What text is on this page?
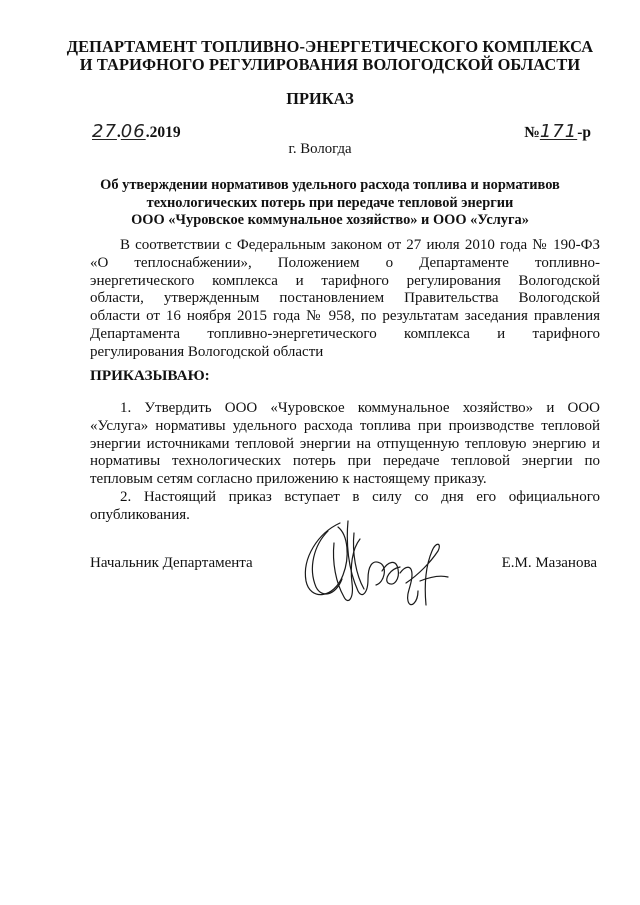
ДЕПАРТАМЕНТ ТОПЛИВНО-ЭНЕРГЕТИЧЕСКОГО КОМПЛЕКСА
И ТАРИФНОГО РЕГУЛИРОВАНИЯ ВОЛОГОДСКОЙ ОБЛАСТИ
ПРИКАЗ
27.06.2019	№171-р
г. Вологда
Об утверждении нормативов удельного расхода топлива и нормативов
технологических потерь при передаче тепловой энергии
ООО «Чуровское коммунальное хозяйство» и ООО «Услуга»
В соответствии с Федеральным законом от 27 июля 2010 года № 190-ФЗ
«О теплоснабжении», Положением о Департаменте топливно-
энергетического комплекса и тарифного регулирования Вологодской
области, утвержденным постановлением Правительства Вологодской
области от 16 ноября 2015 года № 958, по результатам заседания правления
Департамента топливно-энергетического комплекса и тарифного
регулирования Вологодской области
ПРИКАЗЫВАЮ:
1. Утвердить ООО «Чуровское коммунальное хозяйство» и ООО
«Услуга» нормативы удельного расхода топлива при производстве тепловой
энергии источниками тепловой энергии на отпущенную тепловую энергию и
нормативы технологических потерь при передаче тепловой энергии по
тепловым сетям согласно приложению к настоящему приказу.
2. Настоящий приказ вступает в силу со дня его официального
опубликования.
Начальник Департамента	Е.М. Мазанова
